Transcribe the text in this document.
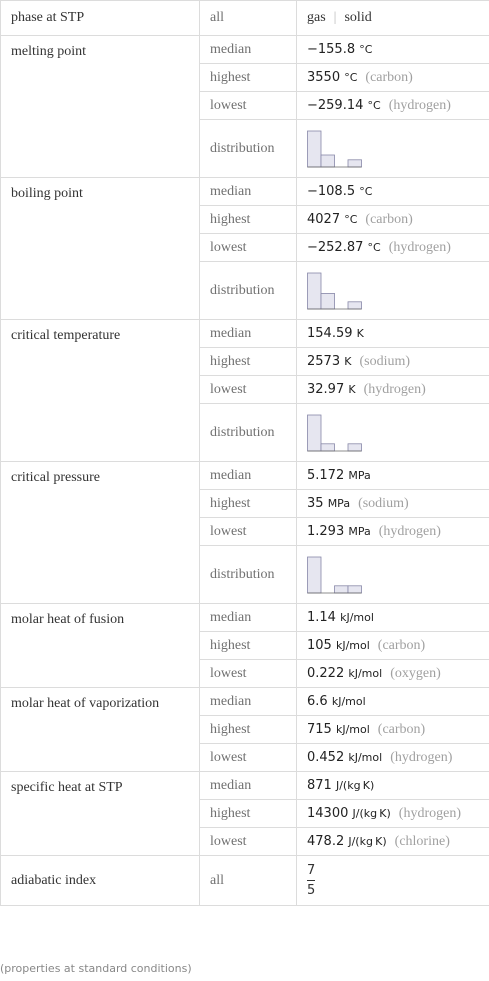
phase at STP	all	gas | solid
melting point	median	−155.8 °C
	highest	3550 °C (carbon)
	lowest	−259.14 °C (hydrogen)
	distribution	

boiling point	median	−108.5 °C
	highest	4027 °C (carbon)
	lowest	−252.87 °C (hydrogen)
	distribution	

critical temperature	median	154.59 K
	highest	2573 K (sodium)
	lowest	32.97 K (hydrogen)
	distribution	

critical pressure	median	5.172 MPa
	highest	35 MPa (sodium)
	lowest	1.293 MPa (hydrogen)
	distribution	

molar heat of fusion	median	1.14 kJ/mol
	highest	105 kJ/mol (carbon)
	lowest	0.222 kJ/mol (oxygen)
molar heat of vaporization	median	6.6 kJ/mol
	highest	715 kJ/mol (carbon)
	lowest	0.452 kJ/mol (hydrogen)
specific heat at STP	median	871 J/(kg K)
	highest	14300 J/(kg K) (hydrogen)
	lowest	478.2 J/(kg K) (chlorine)
adiabatic index	all	$\frac{7}{5}$
(properties at standard conditions)
